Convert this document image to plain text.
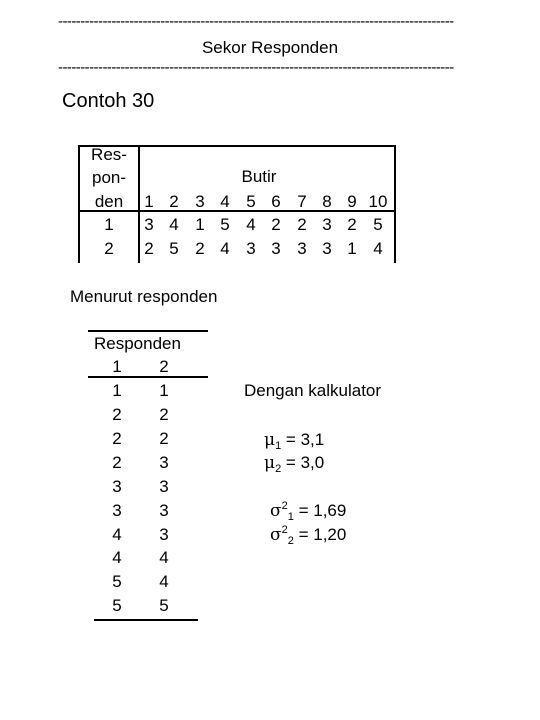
-----------------------------------------------------------------------------------------
Sekor Responden
-----------------------------------------------------------------------------------------
Contoh 30
Res-
pon-
den
Butir
1 2 3 4 5 6 7 8 9 10
1	3 4 1 5 4 2 2 3 2 5
2	2 5 2 4 3 3 3 3 1 4
Menurut responden
Responden
1	2
1	1
2	2
2	2
2	3
3	3
3	3
4	3
4	4
5	4
5	5
Dengan kalkulator
$\mu_1 = 3,1$
$\mu_2 = 3,0$
$\sigma^2_1 = 1,69$
$\sigma^2_2 = 1,20$
